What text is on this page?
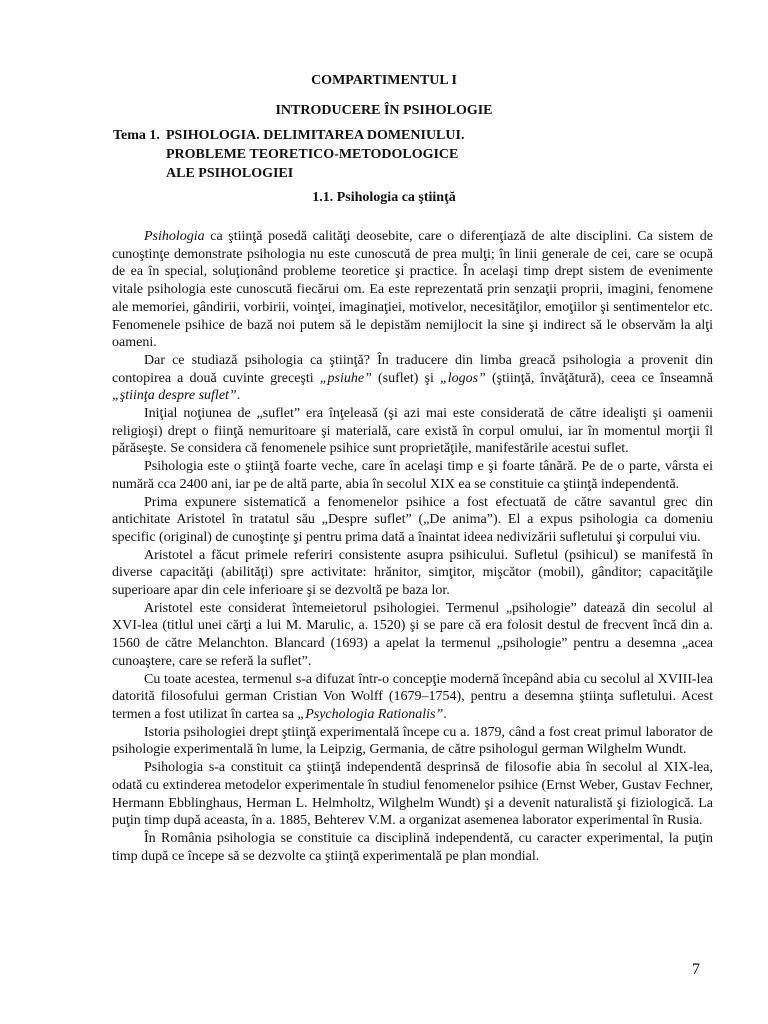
COMPARTIMENTUL I
INTRODUCERE ÎN PSIHOLOGIE
Tema 1. PSIHOLOGIA. DELIMITAREA DOMENIULUI.
PROBLEME TEORETICO-METODOLOGICE
ALE PSIHOLOGIEI
1.1. Psihologia ca ştiinţă

Psihologia ca ştiinţă posedă calităţi deosebite, care o diferenţiază de alte disciplini. Ca sistem de cunoştinţe demonstrate psihologia nu este cunoscută de prea mulţi; în linii generale de cei, care se ocupă de ea în special, soluţionând probleme teoretice şi practice. În acelaşi timp drept sistem de evenimente vitale psihologia este cunoscută fiecărui om. Ea este reprezentată prin senzaţii proprii, imagini, fenomene ale memoriei, gândirii, vorbirii, voinţei, imaginaţiei, motivelor, necesităţilor, emoţiilor şi sentimentelor etc. Fenomenele psihice de bază noi putem să le depistăm nemijlocit la sine şi indirect să le observăm la alţi oameni.

Dar ce studiază psihologia ca ştiinţă? În traducere din limba greacă psihologia a provenit din contopirea a două cuvinte greceşti „psiuhe” (suflet) şi „logos” (ştiinţă, învăţătură), ceea ce înseamnă „ştiinţa despre suflet”.

Iniţial noţiunea de „suflet” era înţeleasă (şi azi mai este considerată de către idealişti şi oamenii religioşi) drept o fiinţă nemuritoare şi materială, care există în corpul omului, iar în momentul morţii îl părăseşte. Se considera că fenomenele psihice sunt proprietăţile, manifestările acestui suflet.

Psihologia este o ştiinţă foarte veche, care în acelaşi timp e şi foarte tânără. Pe de o parte, vârsta ei numără cca 2400 ani, iar pe de altă parte, abia în secolul XIX ea se constituie ca ştiinţă independentă.

Prima expunere sistematică a fenomenelor psihice a fost efectuată de către savantul grec din antichitate Aristotel în tratatul său „Despre suflet” („De anima”). El a expus psihologia ca domeniu specific (original) de cunoştinţe şi pentru prima dată a înaintat ideea nedivizării sufletului şi corpului viu.

Aristotel a făcut primele referiri consistente asupra psihicului. Sufletul (psihicul) se manifestă în diverse capacităţi (abilităţi) spre activitate: hrănitor, simţitor, mişcător (mobil), gânditor; capacităţile superioare apar din cele inferioare şi se dezvoltă pe baza lor.

Aristotel este considerat întemeietorul psihologiei. Termenul „psihologie” datează din secolul al XVI-lea (titlul unei cărţi a lui M. Marulic, a. 1520) şi se pare că era folosit destul de frecvent încă din a. 1560 de către Melanchton. Blancard (1693) a apelat la termenul „psihologie” pentru a desemna „acea cunoaştere, care se referă la suflet”.

Cu toate acestea, termenul s-a difuzat într-o concepţie modernă începând abia cu secolul al XVIII-lea datorită filosofului german Cristian Von Wolff (1679–1754), pentru a desemna ştiinţa sufletului. Acest termen a fost utilizat în cartea sa „Psychologia Rationalis”.

Istoria psihologiei drept ştiinţă experimentală începe cu a. 1879, când a fost creat primul laborator de psihologie experimentală în lume, la Leipzig, Germania, de către psihologul german Wilghelm Wundt.

Psihologia s-a constituit ca ştiinţă independentă desprinsă de filosofie abia în secolul al XIX-lea, odată cu extinderea metodelor experimentale în studiul fenomenelor psihice (Ernst Weber, Gustav Fechner, Hermann Ebblinghaus, Herman L. Helmholtz, Wilghelm Wundt) şi a devenit naturalistă şi fiziologică. La puţin timp după aceasta, în a. 1885, Behterev V.M. a organizat asemenea laborator experimental în Rusia.

În România psihologia se constituie ca disciplină independentă, cu caracter experimental, la puţin timp după ce începe să se dezvolte ca ştiinţă experimentală pe plan mondial.

7
